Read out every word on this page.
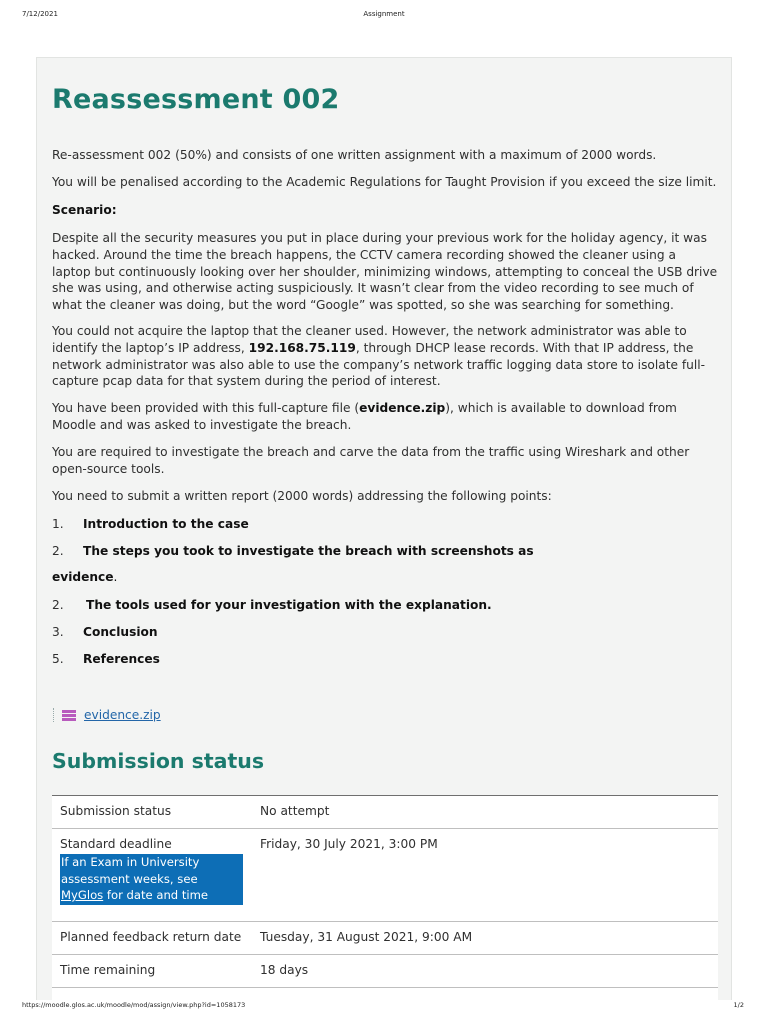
7/12/2021	Assignment
Reassessment 002

Re-assessment 002 (50%) and consists of one written assignment with a maximum of 2000 words.

You will be penalised according to the Academic Regulations for Taught Provision if you exceed the size limit.

Scenario:

Despite all the security measures you put in place during your previous work for the holiday agency, it was hacked. Around the time the breach happens, the CCTV camera recording showed the cleaner using a laptop but continuously looking over her shoulder, minimizing windows, attempting to conceal the USB drive she was using, and otherwise acting suspiciously. It wasn’t clear from the video recording to see much of what the cleaner was doing, but the word “Google” was spotted, so she was searching for something.

You could not acquire the laptop that the cleaner used. However, the network administrator was able to identify the laptop’s IP address, 192.168.75.119, through DHCP lease records. With that IP address, the network administrator was also able to use the company’s network traffic logging data store to isolate full-capture pcap data for that system during the period of interest.

You have been provided with this full-capture file (evidence.zip), which is available to download from Moodle and was asked to investigate the breach.

You are required to investigate the breach and carve the data from the traffic using Wireshark and other open-source tools.

You need to submit a written report (2000 words) addressing the following points:

1. Introduction to the case
2. The steps you took to investigate the breach with screenshots as
evidence.
2. The tools used for your investigation with the explanation.
3. Conclusion
5. References
evidence.zip
Submission status
Submission status	No attempt

Standard deadline
If an Exam in University assessment weeks, see MyGlos for date and time	Friday, 30 July 2021, 3:00 PM
Planned feedback return date	Tuesday, 31 August 2021, 9:00 AM
Time remaining	18 days

https://moodle.glos.ac.uk/moodle/mod/assign/view.php?id=1058173	1/2
